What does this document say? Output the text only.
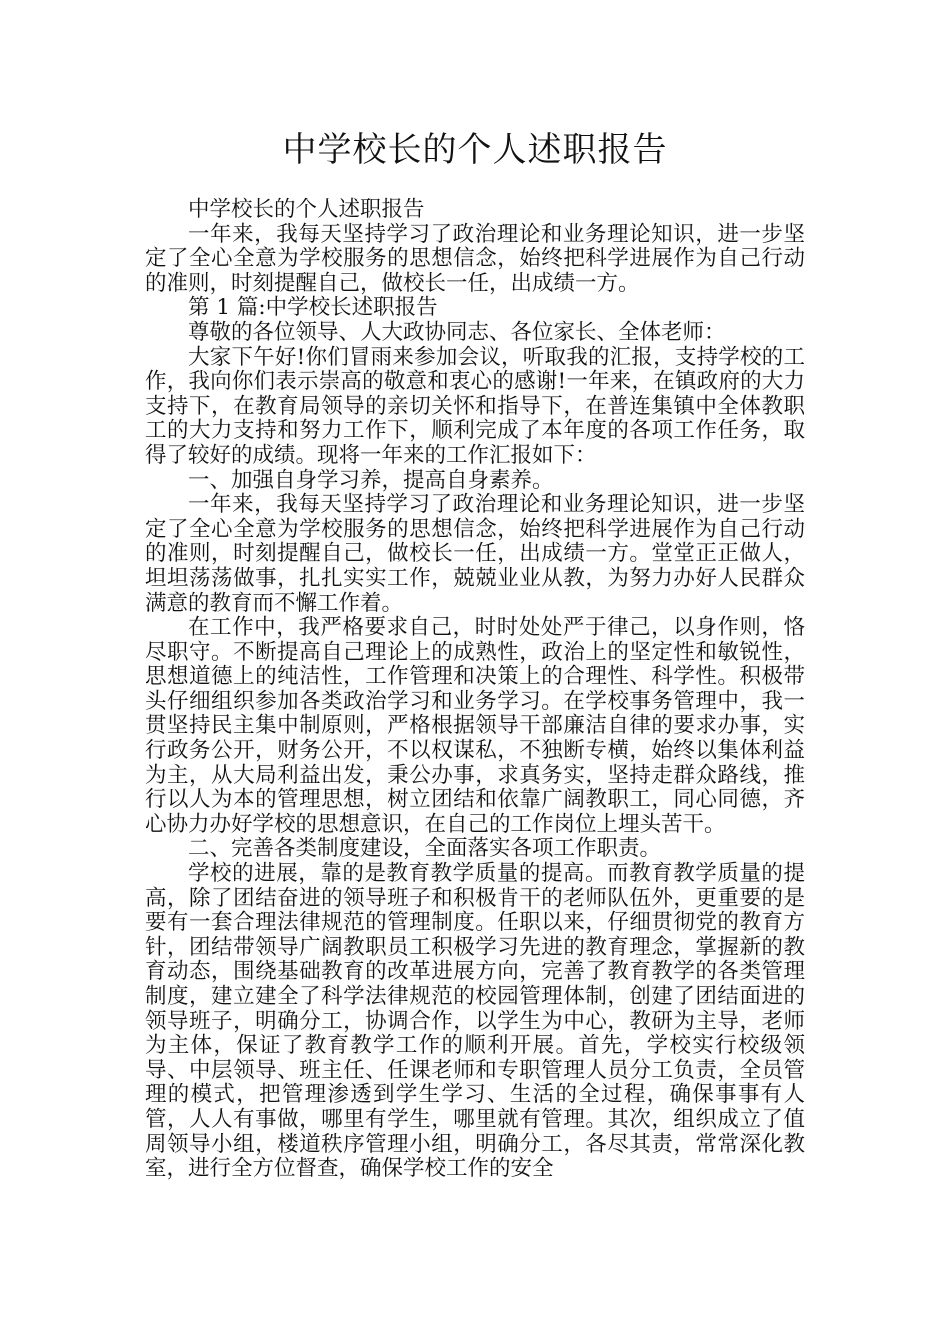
中学校长的个人述职报告

中学校长的个人述职报告

一年来，我每天坚持学习了政治理论和业务理论知识，进一步坚定了全心全意为学校服务的思想信念，始终把科学进展作为自己行动的准则，时刻提醒自己，做校长一任，出成绩一方。

第 1 篇:中学校长述职报告

尊敬的各位领导、人大政协同志、各位家长、全体老师：

大家下午好!你们冒雨来参加会议，听取我的汇报，支持学校的工作，我向你们表示崇高的敬意和衷心的感谢!一年来，在镇政府的大力支持下，在教育局领导的亲切关怀和指导下，在普连集镇中全体教职工的大力支持和努力工作下，顺利完成了本年度的各项工作任务，取得了较好的成绩。现将一年来的工作汇报如下：

一、加强自身学习养，提高自身素养。

一年来，我每天坚持学习了政治理论和业务理论知识，进一步坚定了全心全意为学校服务的思想信念，始终把科学进展作为自己行动的准则，时刻提醒自己，做校长一任，出成绩一方。堂堂正正做人，坦坦荡荡做事，扎扎实实工作，兢兢业业从教，为努力办好人民群众满意的教育而不懈工作着。

在工作中，我严格要求自己，时时处处严于律己，以身作则，恪尽职守。不断提高自己理论上的成熟性，政治上的坚定性和敏锐性，思想道德上的纯洁性，工作管理和决策上的合理性、科学性。积极带头仔细组织参加各类政治学习和业务学习。在学校事务管理中，我一贯坚持民主集中制原则，严格根据领导干部廉洁自律的要求办事，实行政务公开，财务公开，不以权谋私，不独断专横，始终以集体利益为主，从大局利益出发，秉公办事，求真务实，坚持走群众路线，推行以人为本的管理思想，树立团结和依靠广阔教职工，同心同德，齐心协力办好学校的思想意识，在自己的工作岗位上埋头苦干。

二、完善各类制度建设，全面落实各项工作职责。

学校的进展，靠的是教育教学质量的提高。而教育教学质量的提高，除了团结奋进的领导班子和积极肯干的老师队伍外，更重要的是要有一套合理法律规范的管理制度。任职以来，仔细贯彻党的教育方针，团结带领导广阔教职员工积极学习先进的教育理念，掌握新的教育动态，围绕基础教育的改革进展方向，完善了教育教学的各类管理制度，建立建全了科学法律规范的校园管理体制，创建了团结面进的领导班子，明确分工，协调合作，以学生为中心，教研为主导，老师为主体，保证了教育教学工作的顺利开展。首先，学校实行校级领导、中层领导、班主任、任课老师和专职管理人员分工负责，全员管理的模式，把管理渗透到学生学习、生活的全过程，确保事事有人管，人人有事做，哪里有学生，哪里就有管理。其次，组织成立了值周领导小组，楼道秩序管理小组，明确分工，各尽其责，常常深化教室，进行全方位督查，确保学校工作的安全
